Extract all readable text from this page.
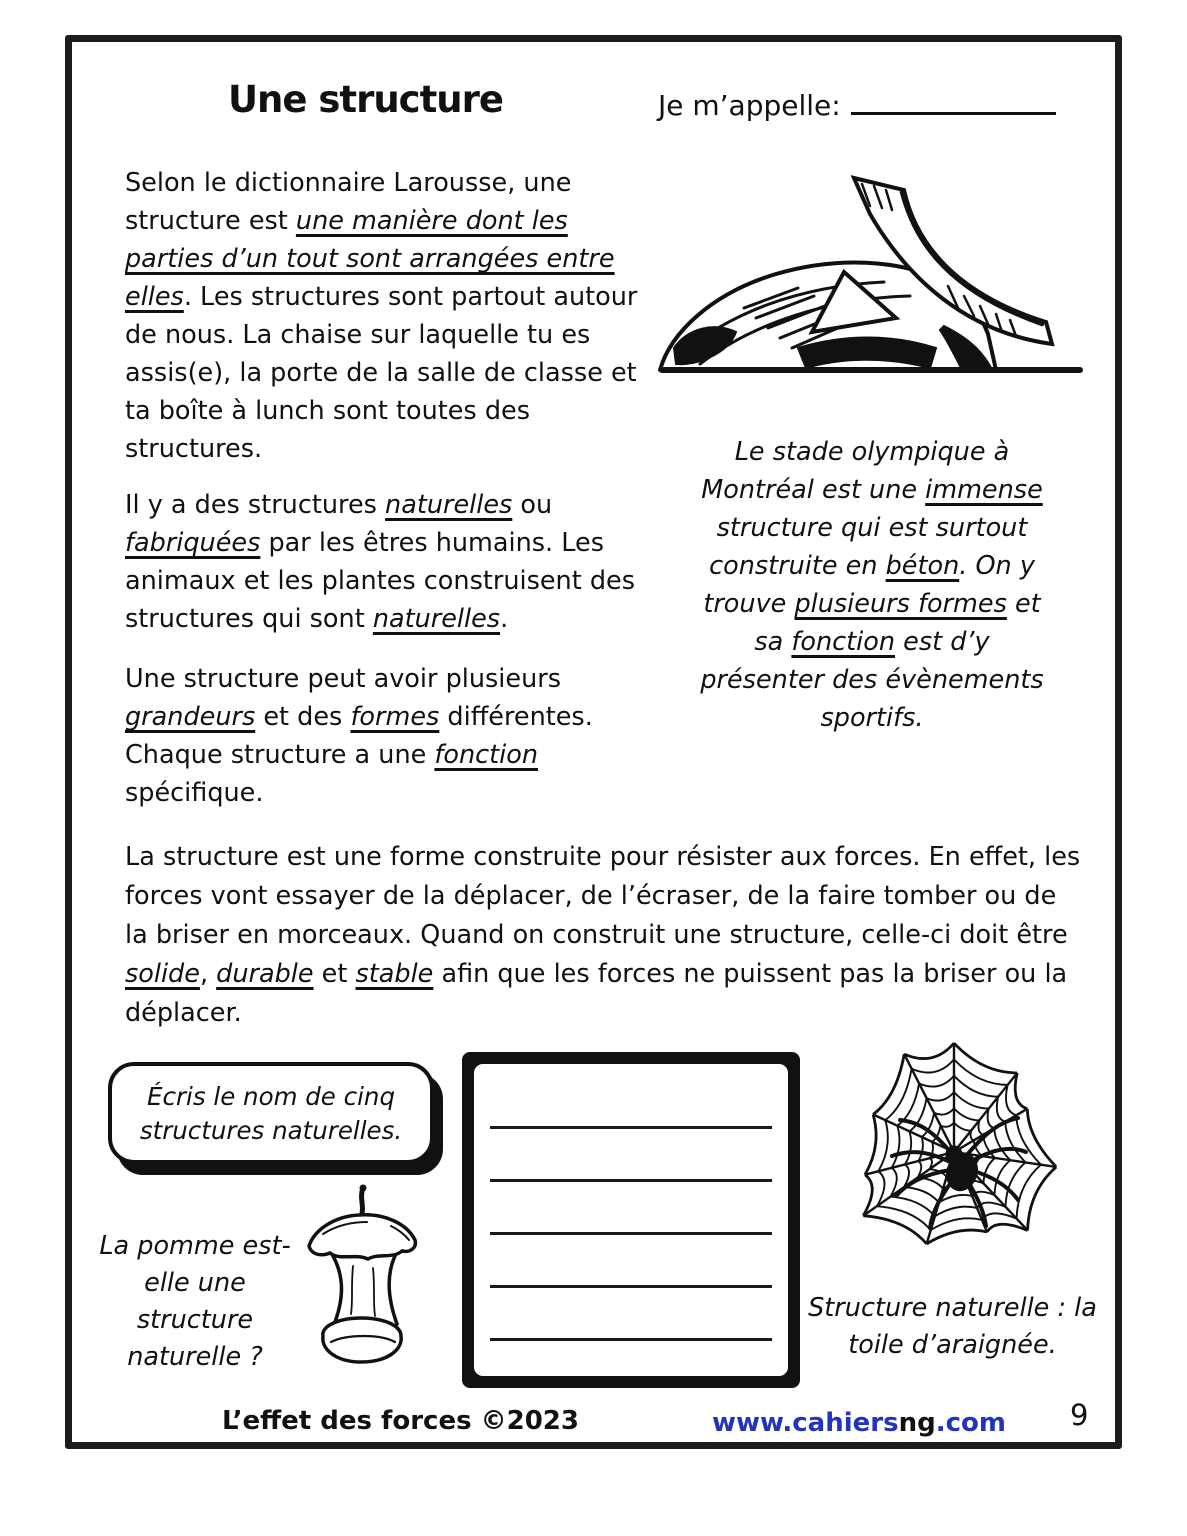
Une structure	Je m’appelle:

Selon le dictionnaire Larousse, une structure est une manière dont les parties d’un tout sont arrangées entre elles. Les structures sont partout autour de nous. La chaise sur laquelle tu es assis(e), la porte de la salle de classe et ta boîte à lunch sont toutes des structures.	Le stade olympique à Montréal est une immense structure qui est surtout construite en béton. On y trouve plusieurs formes et sa fonction est d’y présenter des évènements sportifs.

Il y a des structures naturelles ou fabriquées par les êtres humains. Les animaux et les plantes construisent des structures qui sont naturelles.

Une structure peut avoir plusieurs grandeurs et des formes différentes. Chaque structure a une fonction spécifique.

La structure est une forme construite pour résister aux forces. En effet, les forces vont essayer de la déplacer, de l’écraser, de la faire tomber ou de la briser en morceaux. Quand on construit une structure, celle-ci doit être solide, durable et stable afin que les forces ne puissent pas la briser ou la déplacer.

Écris le nom de cinq structures naturelles.
La pomme est-elle une structure naturelle ?
Structure naturelle : la toile d’araignée.
L’effet des forces ©2023	www.cahiersng.com 9
